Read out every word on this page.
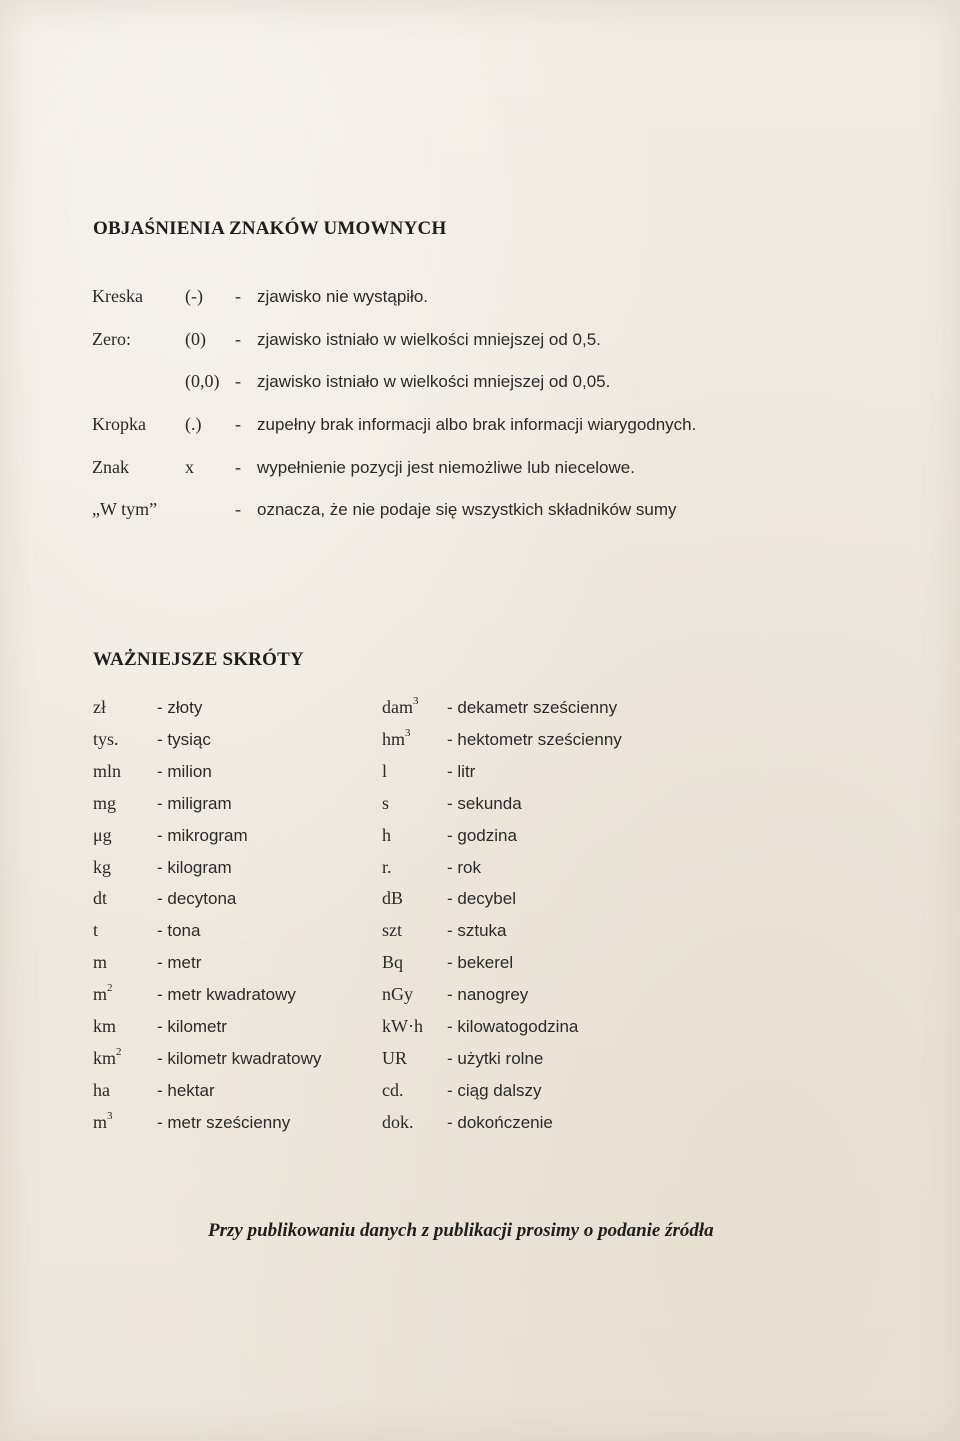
OBJAŚNIENIA ZNAKÓW UMOWNYCH
Kreska (-) - zjawisko nie wystąpiło.
Zero:	(0) - zjawisko istniało w wielkości mniejszej od 0,5.
(0,0) - zjawisko istniało w wielkości mniejszej od 0,05.
Kropka (.) - zupełny brak informacji albo brak informacji wiarygodnych.
Znak	x - wypełnienie pozycji jest niemożliwe lub niecelowe.
„W tym”	- oznacza, że nie podaje się wszystkich składników sumy
WAŻNIEJSZE SKRÓTY
zł	- złoty	dam$^3$ - dekametr sześcienny
tys. - tysiąc	$hm^3$ - hektometr sześcienny
mln - milion	l	- litr
mg - miligram	s	- sekunda
μg	- mikrogram	h	- godzina
kg	- kilogram	r.	- rok
dt	- decytona	dB	- decybel
t	- tona	szt	- sztuka
m	- metr	Bq	- bekerel
$m^2$	- metr kwadratowy	nGy - nanogrey
km - kilometr	kW·h - kilowatogodzina
$km^2$ - kilometr kwadratowy	UR - użytki rolne
ha	- hektar	cd.	- ciąg dalszy
$m^3$	- metr sześcienny	dok. - dokończenie
Przy publikowaniu danych z publikacji prosimy o podanie źródła
